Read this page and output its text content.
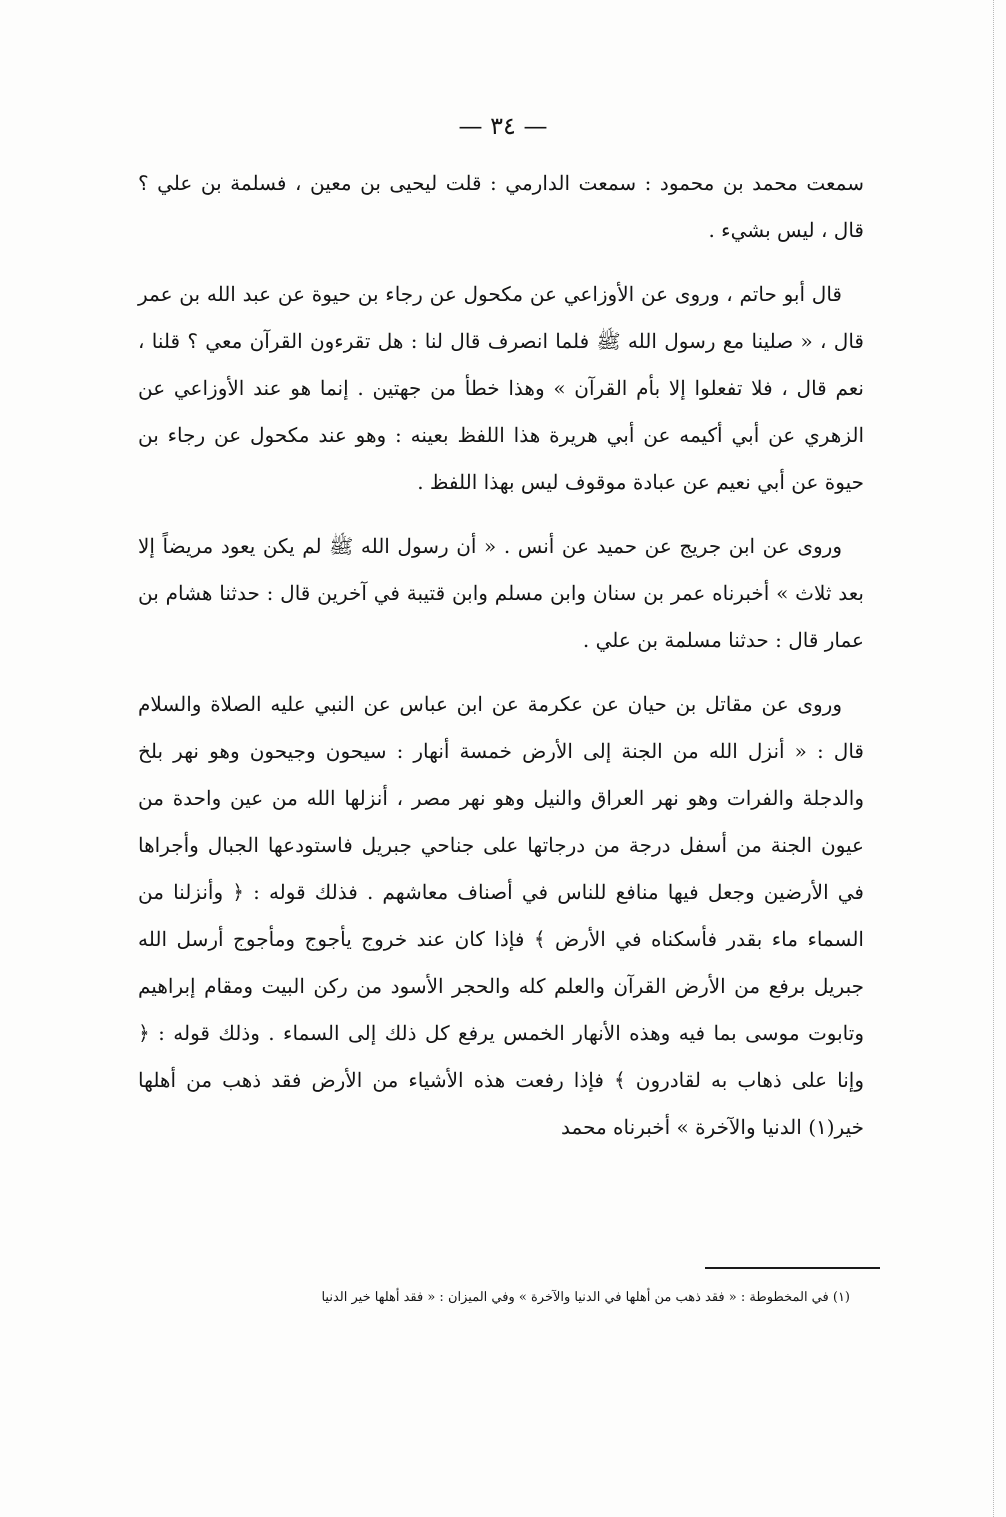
— ٣٤ —

سمعت محمد بن محمود : سمعت الدارمي : قلت ليحيى بن معين ، فسلمة بن علي ؟ قال ، ليس بشيء .

قال أبو حاتم ، وروى عن الأوزاعي عن مكحول عن رجاء بن حيوة عن عبد الله بن عمر قال ، « صلينا مع رسول الله ﷺ فلما انصرف قال لنا : هل تقرءون القرآن معي ؟ قلنا ، نعم قال ، فلا تفعلوا إلا بأم القرآن » وهذا خطأ من جهتين . إنما هو عند الأوزاعي عن الزهري عن أبي أكيمه عن أبي هريرة هذا اللفظ بعينه : وهو عند مكحول عن رجاء بن حيوة عن أبي نعيم عن عبادة موقوف ليس بهذا اللفظ .

وروى عن ابن جريج عن حميد عن أنس . « أن رسول الله ﷺ لم يكن يعود مريضاً إلا بعد ثلاث » أخبرناه عمر بن سنان وابن مسلم وابن قتيبة في آخرين قال : حدثنا هشام بن عمار قال : حدثنا مسلمة بن علي .

وروى عن مقاتل بن حيان عن عكرمة عن ابن عباس عن النبي عليه الصلاة والسلام قال : « أنزل الله من الجنة إلى الأرض خمسة أنهار : سيحون وجيحون وهو نهر بلخ والدجلة والفرات وهو نهر العراق والنيل وهو نهر مصر ، أنزلها الله من عين واحدة من عيون الجنة من أسفل درجة من درجاتها على جناحي جبريل فاستودعها الجبال وأجراها في الأرضين وجعل فيها منافع للناس في أصناف معاشهم . فذلك قوله : ﴿ وأنزلنا من السماء ماء بقدر فأسكناه في الأرض ﴾ فإذا كان عند خروج يأجوج ومأجوج أرسل الله جبريل برفع من الأرض القرآن والعلم كله والحجر الأسود من ركن البيت ومقام إبراهيم وتابوت موسى بما فيه وهذه الأنهار الخمس يرفع كل ذلك إلى السماء . وذلك قوله : ﴿ وإنا على ذهاب به لقادرون ﴾ فإذا رفعت هذه الأشياء من الأرض فقد ذهب من أهلها خير(١) الدنيا والآخرة » أخبرناه محمد

(١) في المخطوطة : « فقد ذهب من أهلها في الدنيا والآخرة » وفي الميزان : « فقد أهلها خير الدنيا
